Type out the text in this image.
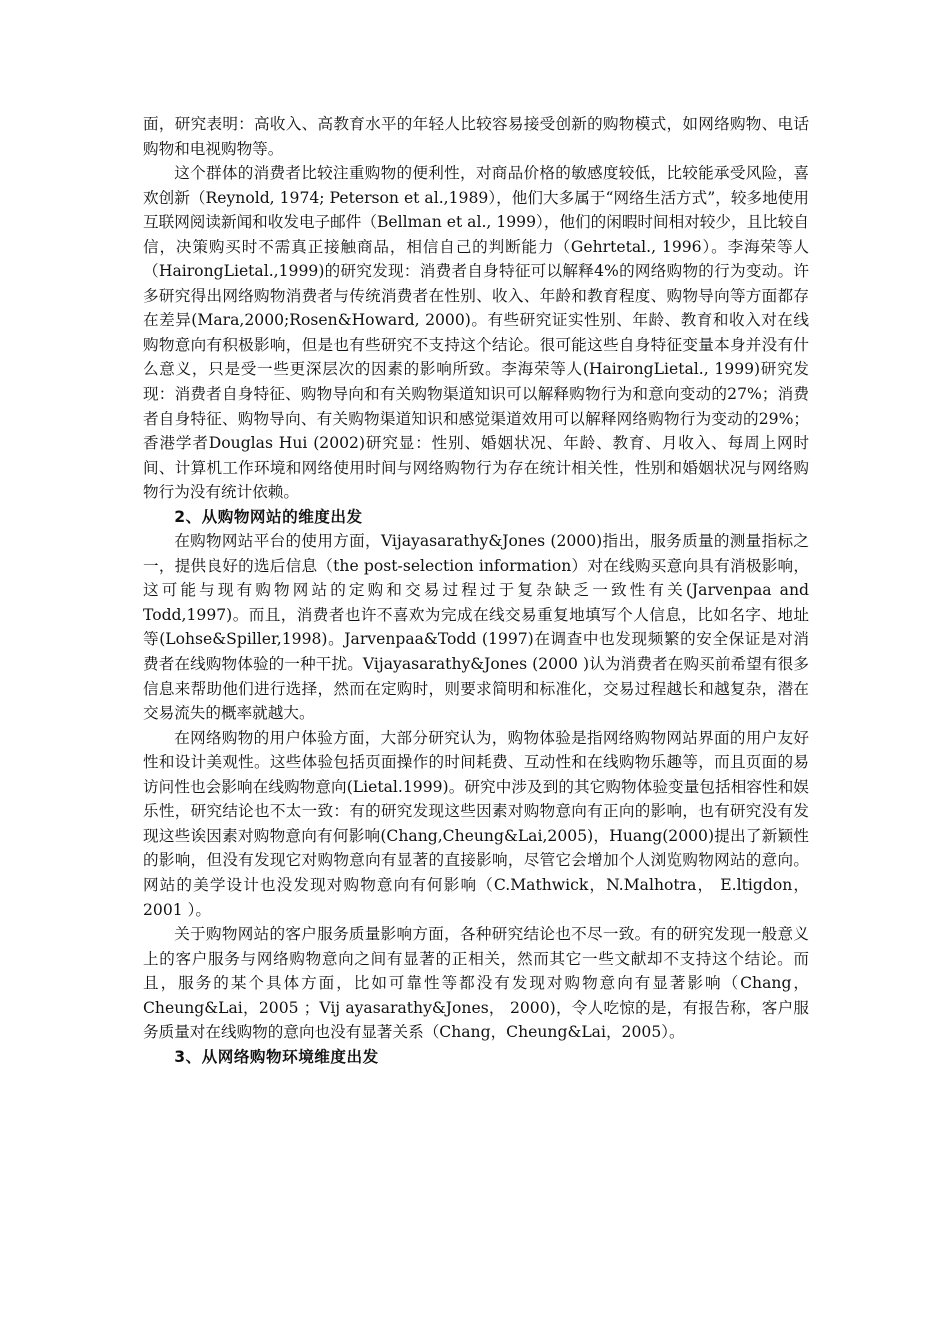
面，研究表明：高收入、高教育水平的年轻人比较容易接受创新的购物模式，如网络购物、电话购物和电视购物等。

这个群体的消费者比较注重购物的便利性，对商品价格的敏感度较低，比较能承受风险，喜欢创新（Reynold, 1974; Peterson et al.,1989），他们大多属于“网络生活方式”，较多地使用互联网阅读新闻和收发电子邮件（Bellman et al., 1999），他们的闲暇时间相对较少，且比较自信，决策购买时不需真正接触商品，相信自己的判断能力（Gehrtetal., 1996）。李海荣等人（HairongLietal.,1999)的研究发现：消费者自身特征可以解释4%的网络购物的行为变动。许多研究得出网络购物消费者与传统消费者在性别、收入、年龄和教育程度、购物导向等方面都存在差异(Mara,2000;Rosen&Howard, 2000)。有些研究证实性别、年龄、教育和收入对在线购物意向有积极影响，但是也有些研究不支持这个结论。很可能这些自身特征变量本身并没有什么意义，只是受一些更深层次的因素的影响所致。李海荣等人(HairongLietal., 1999)研究发现：消费者自身特征、购物导向和有关购物渠道知识可以解释购物行为和意向变动的27%；消费者自身特征、购物导向、有关购物渠道知识和感觉渠道效用可以解释网络购物行为变动的29%；香港学者Douglas Hui (2002)研究显：性别、婚姻状况、年龄、教育、月收入、每周上网时间、计算机工作环境和网络使用时间与网络购物行为存在统计相关性，性别和婚姻状况与网络购物行为没有统计依赖。

2、从购物网站的维度出发

在购物网站平台的使用方面，Vijayasarathy&Jones (2000)指出，服务质量的测量指标之一，提供良好的选后信息（the post-selection information）对在线购买意向具有消极影响，这可能与现有购物网站的定购和交易过程过于复杂缺乏一致性有关(Jarvenpaa and Todd,1997)。而且，消费者也许不喜欢为完成在线交易重复地填写个人信息，比如名字、地址等(Lohse&Spiller,1998)。Jarvenpaa&Todd (1997)在调查中也发现频繁的安全保证是对消费者在线购物体验的一种干扰。Vijayasarathy&Jones (2000 )认为消费者在购买前希望有很多信息来帮助他们进行选择，然而在定购时，则要求简明和标准化，交易过程越长和越复杂，潜在交易流失的概率就越大。

在网络购物的用户体验方面，大部分研究认为，购物体验是指网络购物网站界面的用户友好性和设计美观性。这些体验包括页面操作的时间耗费、互动性和在线购物乐趣等，而且页面的易访问性也会影响在线购物意向(Lietal.1999)。研究中涉及到的其它购物体验变量包括相容性和娱乐性，研究结论也不太一致：有的研究发现这些因素对购物意向有正向的影响，也有研究没有发现这些诶因素对购物意向有何影响(Chang,Cheung&Lai,2005)，Huang(2000)提出了新颖性的影响，但没有发现它对购物意向有显著的直接影响，尽管它会增加个人浏览购物网站的意向。网站的美学设计也没发现对购物意向有何影响（C.Mathwick，N.Malhotra， E.ltigdon，2001 ）。

关于购物网站的客户服务质量影响方面，各种研究结论也不尽一致。有的研究发现一般意义上的客户服务与网络购物意向之间有显著的正相关，然而其它一些文献却不支持这个结论。而且，服务的某个具体方面，比如可靠性等都没有发现对购物意向有显著影响（Chang， Cheung&Lai，2005 ；Vij ayasarathy&Jones， 2000)，令人吃惊的是，有报告称，客户服务质量对在线购物的意向也没有显著关系（Chang，Cheung&Lai，2005）。

3、从网络购物环境维度出发
